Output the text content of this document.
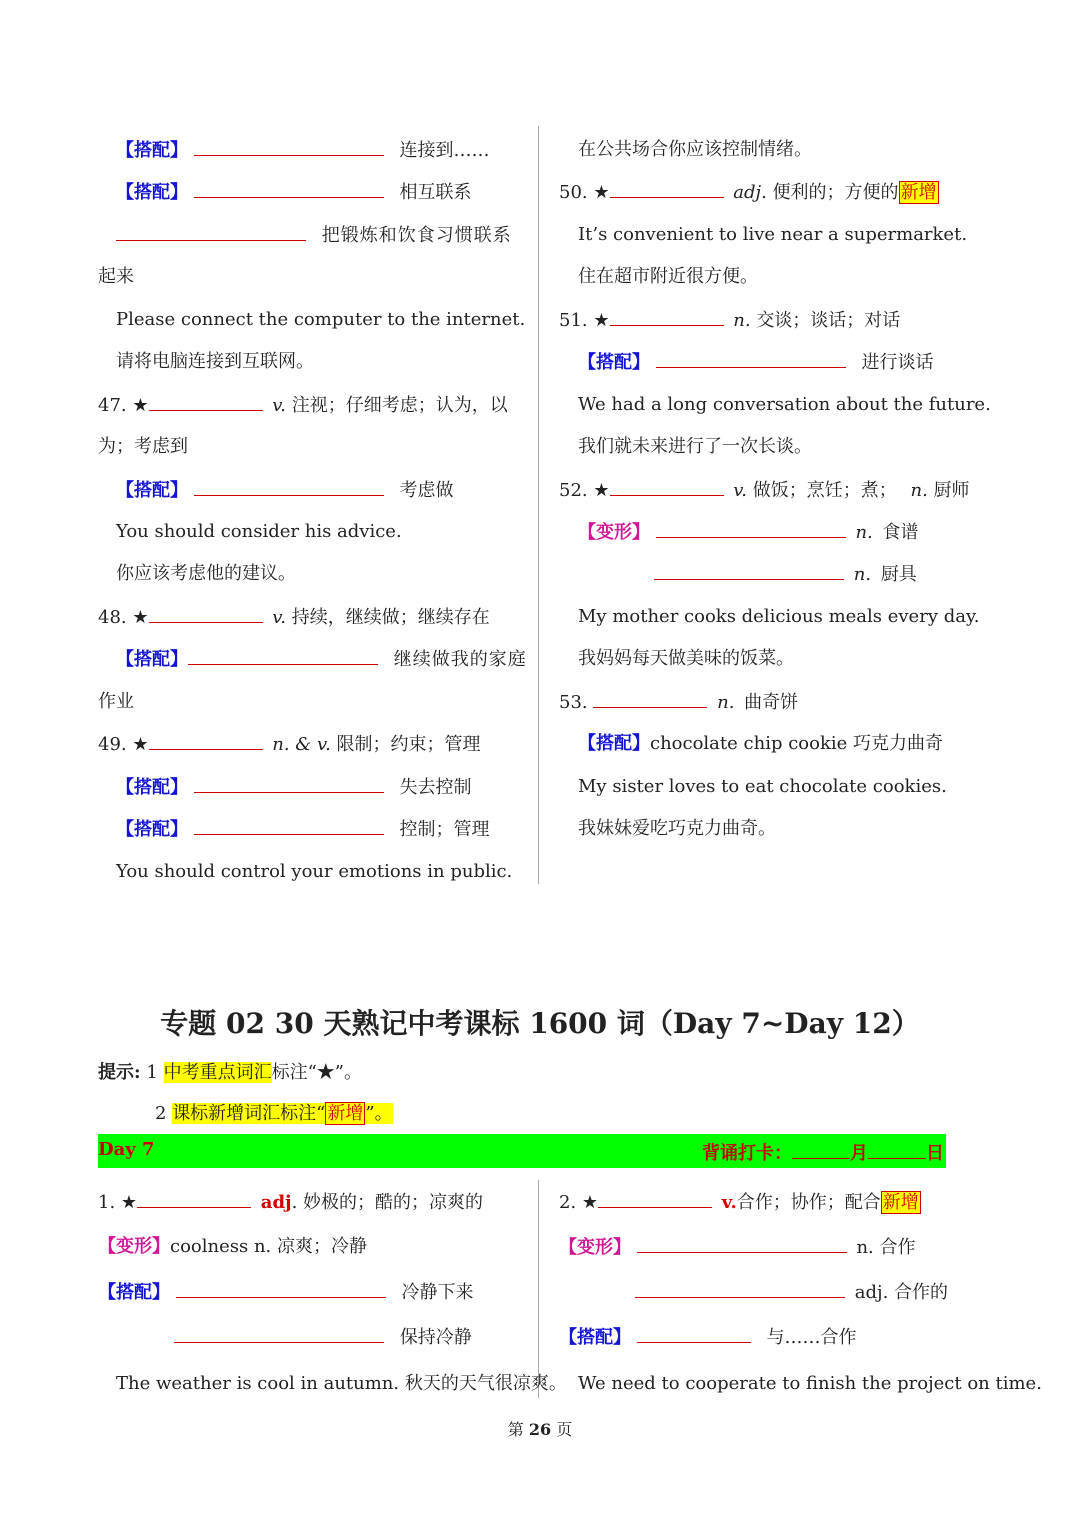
【搭配】	连接到……
【搭配】	相互联系
把锻炼和饮食习惯联系
起来
Please connect the computer to the internet.
请将电脑连接到互联网。
47. ★	v. 注视；仔细考虑；认为，以
为；考虑到
【搭配】	考虑做
You should consider his advice.
你应该考虑他的建议。
48. ★	v. 持续，继续做；继续存在
【搭配】	继续做我的家庭
作业
49. ★	n. & v. 限制；约束；管理
【搭配】	失去控制
【搭配】	控制；管理
You should control your emotions in public.
在公共场合你应该控制情绪。
50. ★	adj. 便利的；方便的 新增
It’s convenient to live near a supermarket.
住在超市附近很方便。
51. ★	n. 交谈；谈话；对话
【搭配】	进行谈话
We had a long conversation about the future.
我们就未来进行了一次长谈。
52. ★	v. 做饭；烹饪；煮； n. 厨师
【变形】	n. 食谱
n. 厨具
My mother cooks delicious meals every day.
我妈妈每天做美味的饭菜。
53.	n. 曲奇饼
【搭配】chocolate chip cookie 巧克力曲奇
My sister loves to eat chocolate cookies.
我妹妹爱吃巧克力曲奇。
专题 02 30 天熟记中考课标 1600 词（Day 7~Day 12）
提示: 1 中考重点词汇标注“★”。
2 课标新增词汇标注“ 新增 ”。
Day 7	背诵打卡：	月	日
1. ★	adj. 妙极的；酷的；凉爽的
【变形】coolness n. 凉爽；冷静
【搭配】	冷静下来
保持冷静
The weather is cool in autumn. 秋天的天气很凉爽。
2. ★	v.合作；协作；配合 新增
【变形】	n. 合作
adj. 合作的
【搭配】	与……合作
We need to cooperate to finish the project on time.
第 26 页
